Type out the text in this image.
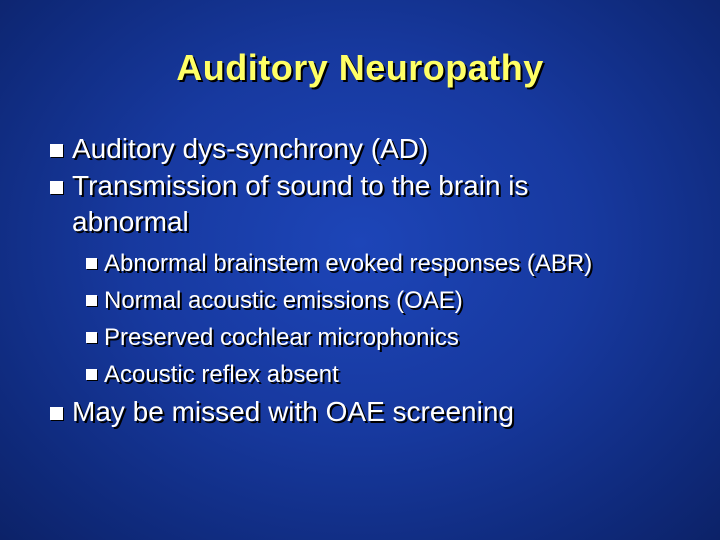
Auditory Neuropathy
Auditory dys-synchrony (AD)
Transmission of sound to the brain is
abnormal
Abnormal brainstem evoked responses (ABR)
Normal acoustic emissions (OAE)
Preserved cochlear microphonics
Acoustic reflex absent
May be missed with OAE screening
